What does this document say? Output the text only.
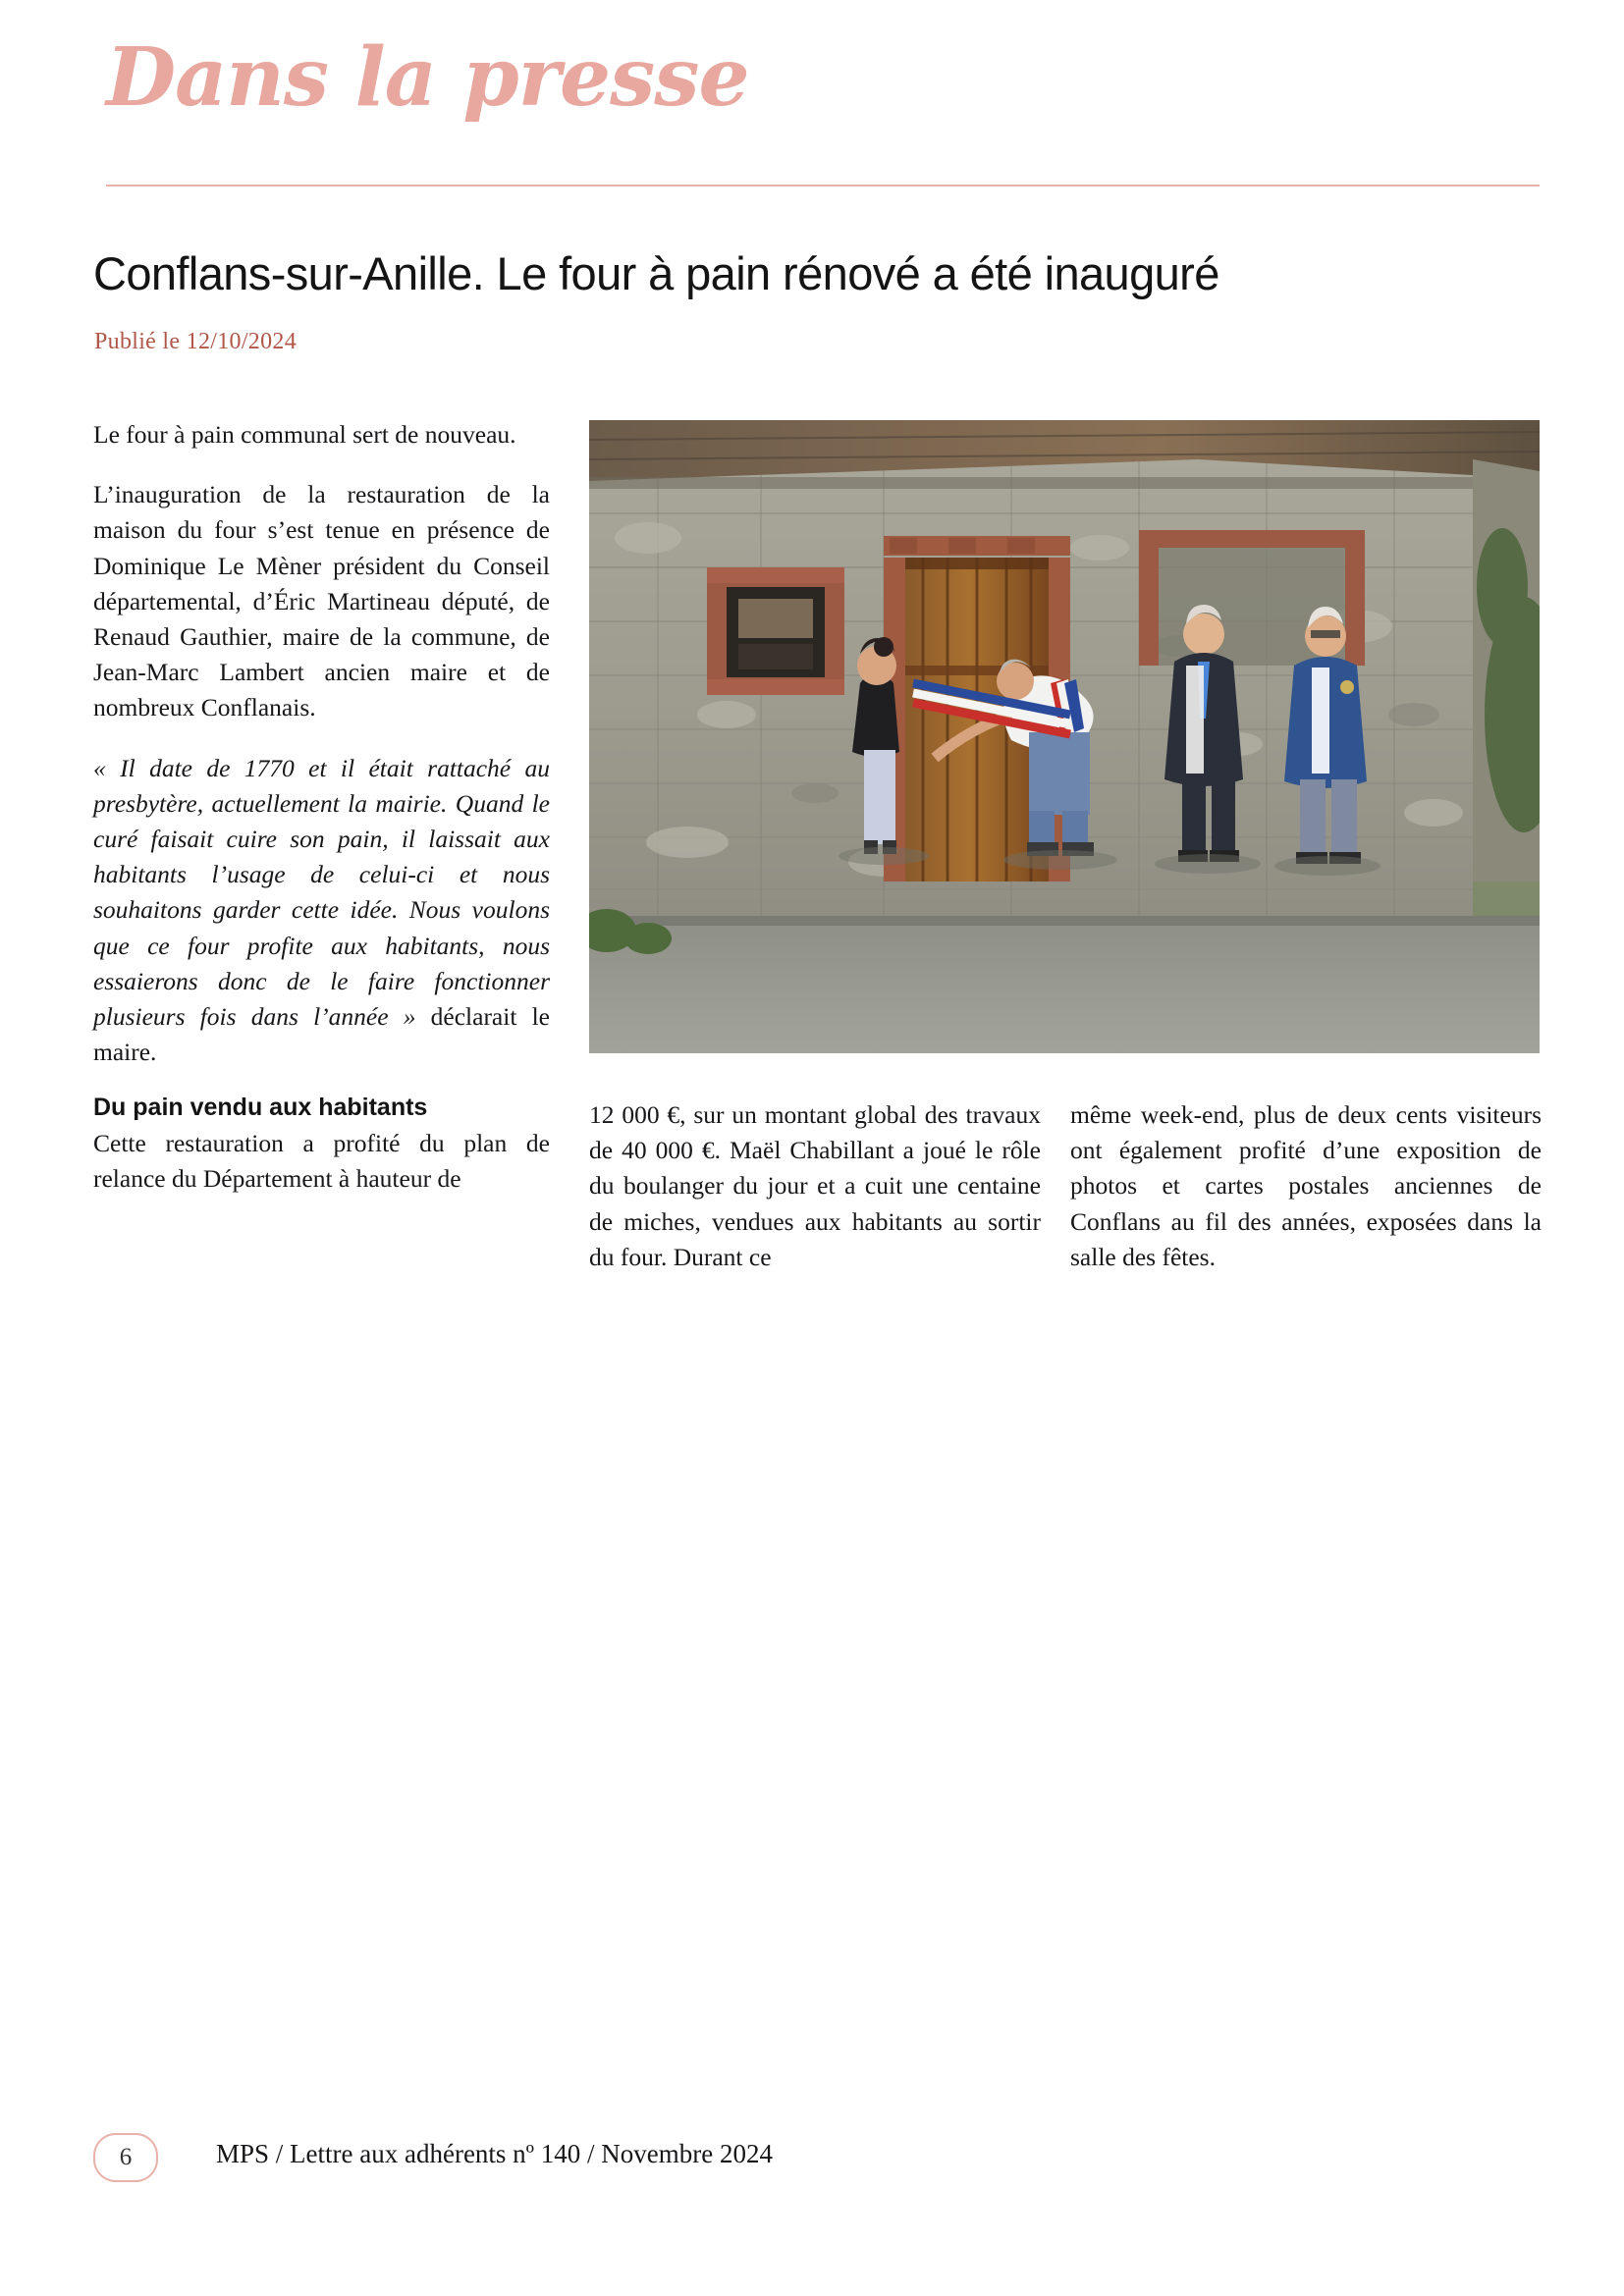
Dans la presse
Conflans-sur-Anille. Le four à pain rénové a été inauguré
Publié le 12/10/2024

Le four à pain communal sert de nouveau.

L’inauguration de la restauration de la maison du four s’est tenue en présence de Dominique Le Mèner président du Conseil départemental, d’Éric Martineau député, de Renaud Gauthier, maire de la commune, de Jean-Marc Lambert ancien maire et de nombreux Conflanais.

« Il date de 1770 et il était rattaché au presbytère, actuellement la mairie. Quand le curé faisait cuire son pain, il laissait aux habitants l’usage de celui-ci et nous souhaitons garder cette idée. Nous voulons que ce four profite aux habitants, nous essaierons donc de le faire fonctionner plusieurs fois dans l’année » déclarait le maire.

Du pain vendu aux habitants

Cette restauration a profité du plan de relance du Département à hauteur de

12 000 €, sur un montant global des travaux de 40 000 €. Maël Chabillant a joué le rôle du boulanger du jour et a cuit une centaine de miches, vendues aux habitants au sortir du four. Durant ce

même week-end, plus de deux cents visiteurs ont également profité d’une exposition de photos et cartes postales anciennes de Conflans au fil des années, exposées dans la salle des fêtes.

6	MPS / Lettre aux adhérents nº 140 / Novembre 2024
